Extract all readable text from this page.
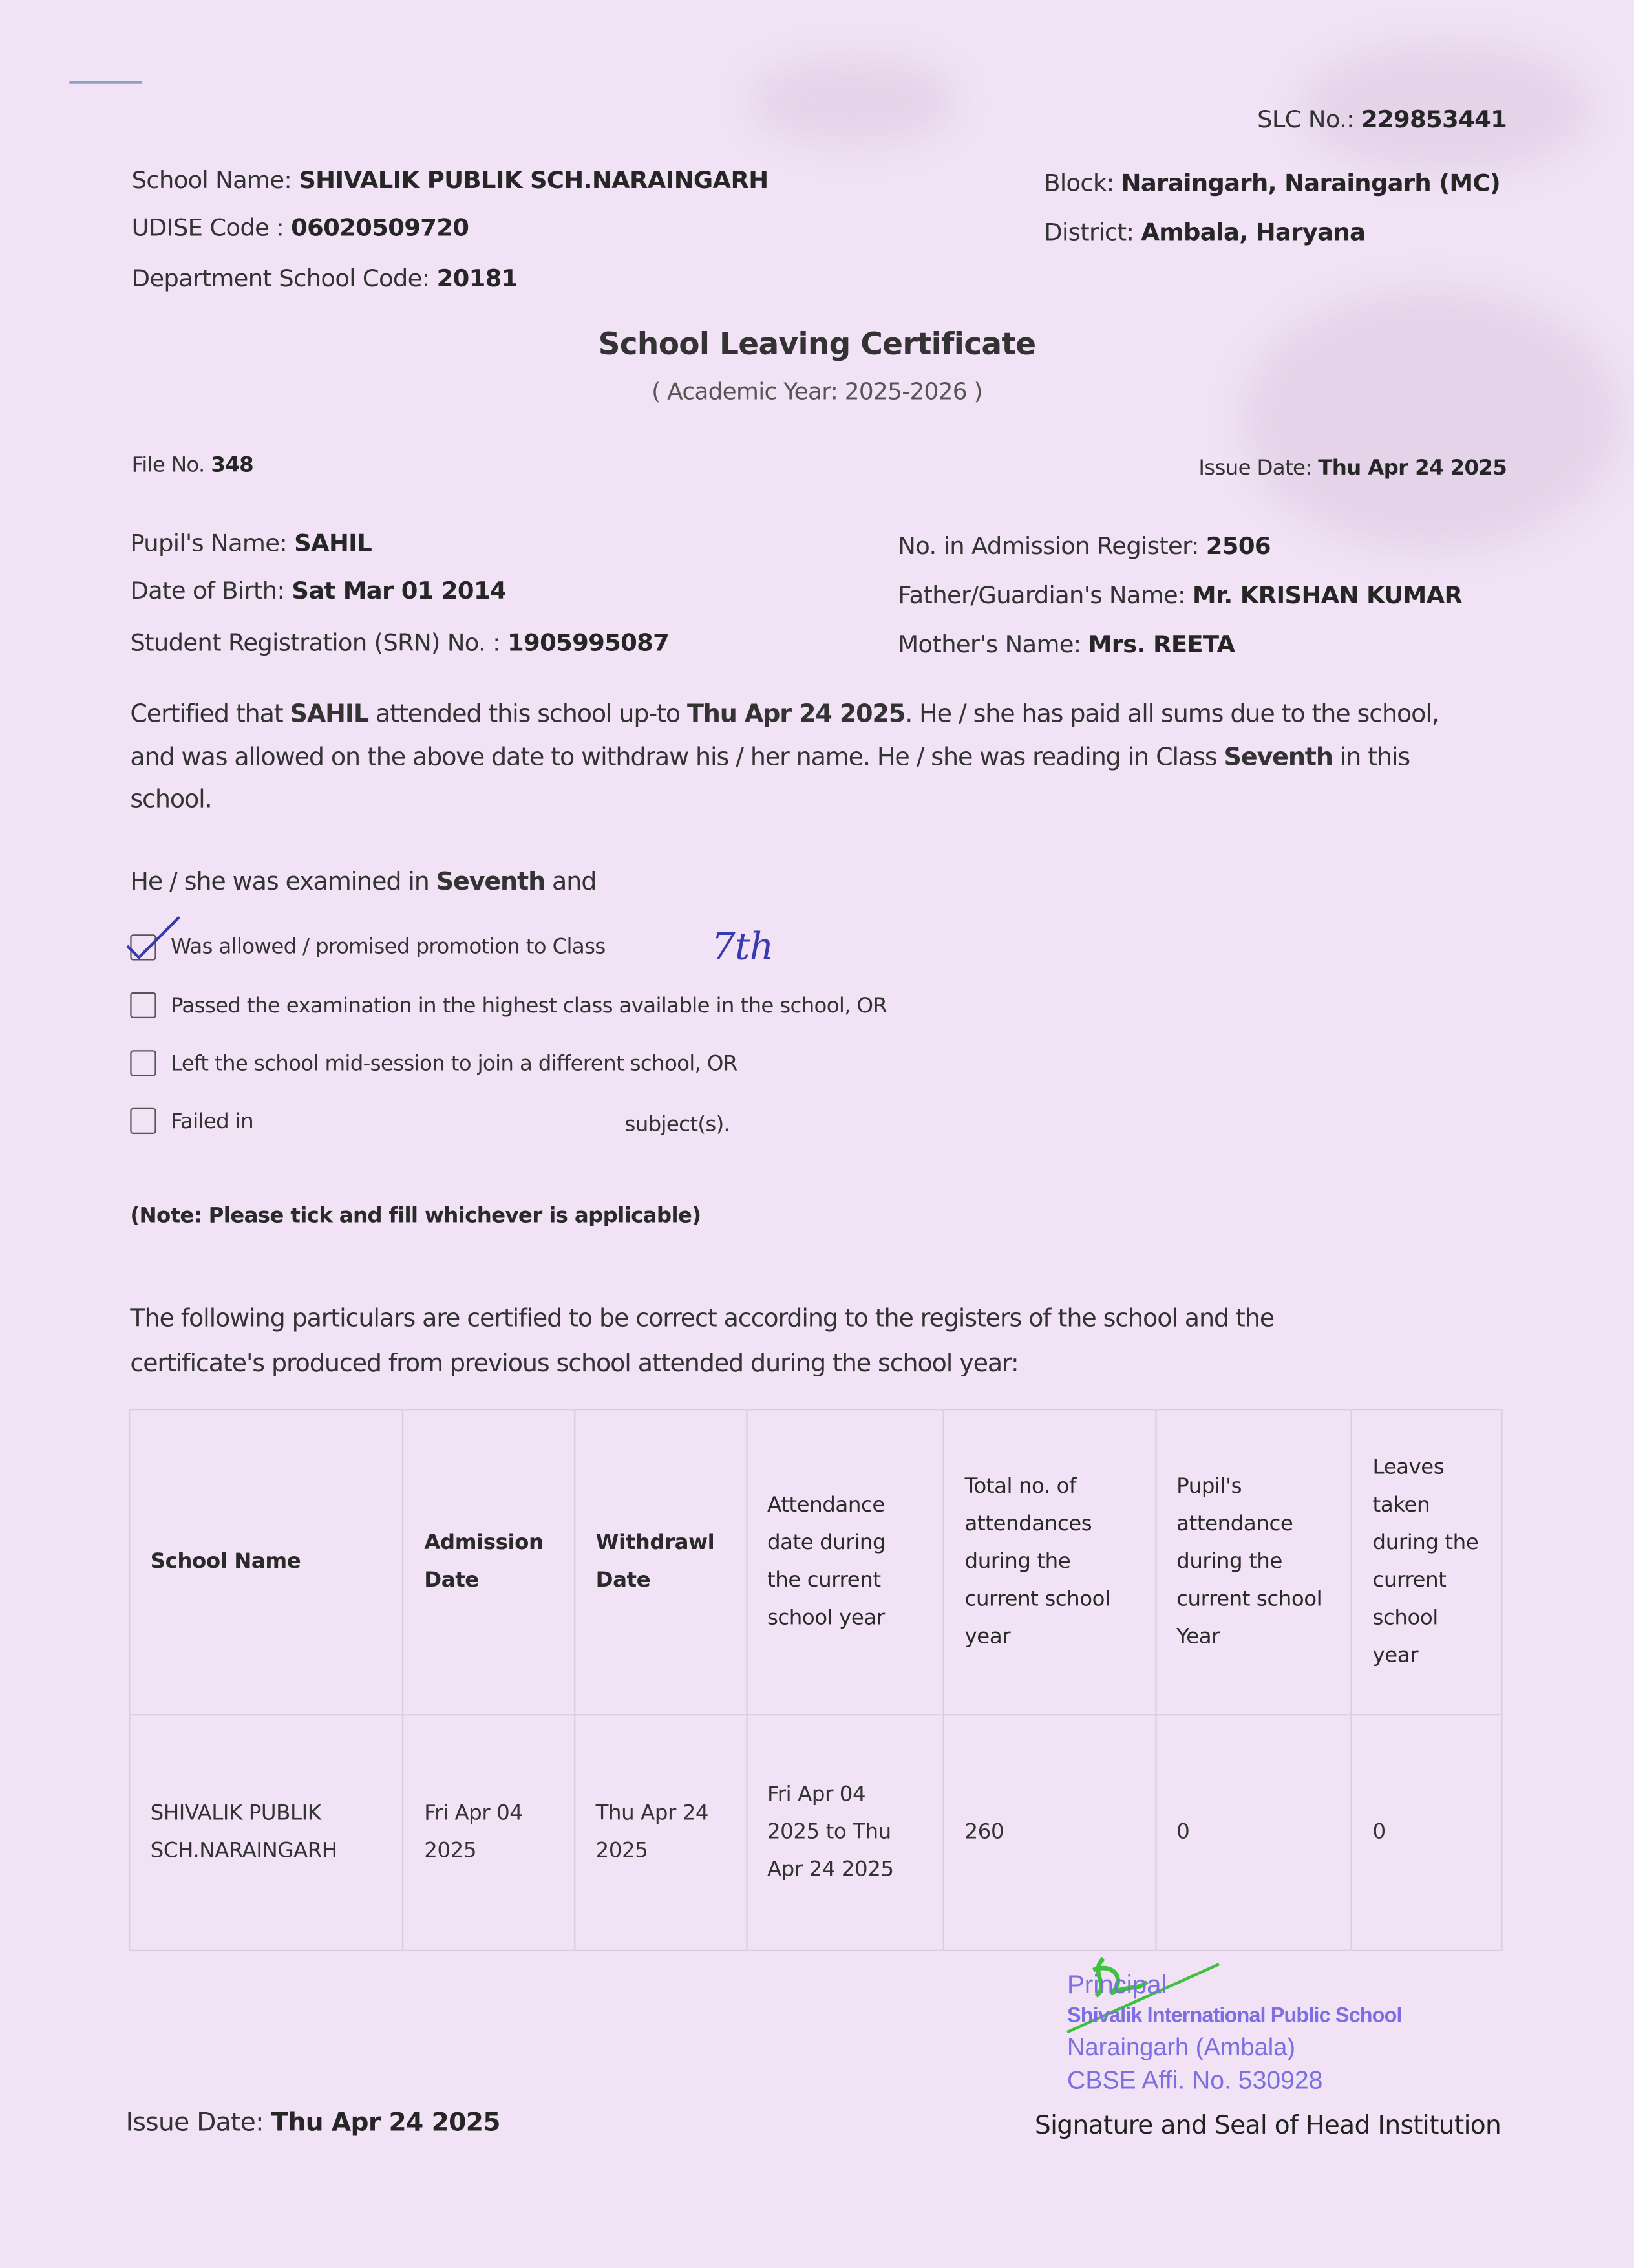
SLC No.: 229853441
School Name: SHIVALIK PUBLIK SCH.NARAINGARH
UDISE Code : 06020509720
Department School Code: 20181
Block: Naraingarh, Naraingarh (MC)
District: Ambala, Haryana
School Leaving Certificate
( Academic Year: 2025-2026 )
File No. 348	Issue Date: Thu Apr 24 2025
Pupil's Name: SAHIL
Date of Birth: Sat Mar 01 2014
Student Registration (SRN) No. : 1905995087
No. in Admission Register: 2506
Father/Guardian's Name: Mr. KRISHAN KUMAR
Mother's Name: Mrs. REETA
Certified that SAHIL attended this school up-to Thu Apr 24 2025. He / she has paid all sums due to the school, and was allowed on the above date to withdraw his / her name. He / she was reading in Class Seventh in this school.
He / she was examined in Seventh and
Was allowed / promised promotion to Class	7th
Passed the examination in the highest class available in the school, OR
Left the school mid-session to join a different school, OR
Failed in	subject(s).
(Note: Please tick and fill whichever is applicable)
The following particulars are certified to be correct according to the registers of the school and the certificate's produced from previous school attended during the school year:
School Name	Admission Date	Withdrawl Date	Attendance date during the current school year	Total no. of attendances during the current school year	Pupil's attendance during the current school Year	Leaves taken during the current school year
SHIVALIK PUBLIK SCH.NARAINGARH	Fri Apr 04 2025	Thu Apr 24 2025	Fri Apr 04 2025 to Thu Apr 24 2025	260	0	0
Principal
Shivalik International Public School
Naraingarh (Ambala)
CBSE Affi. No. 530928
Issue Date: Thu Apr 24 2025	Signature and Seal of Head Institution
